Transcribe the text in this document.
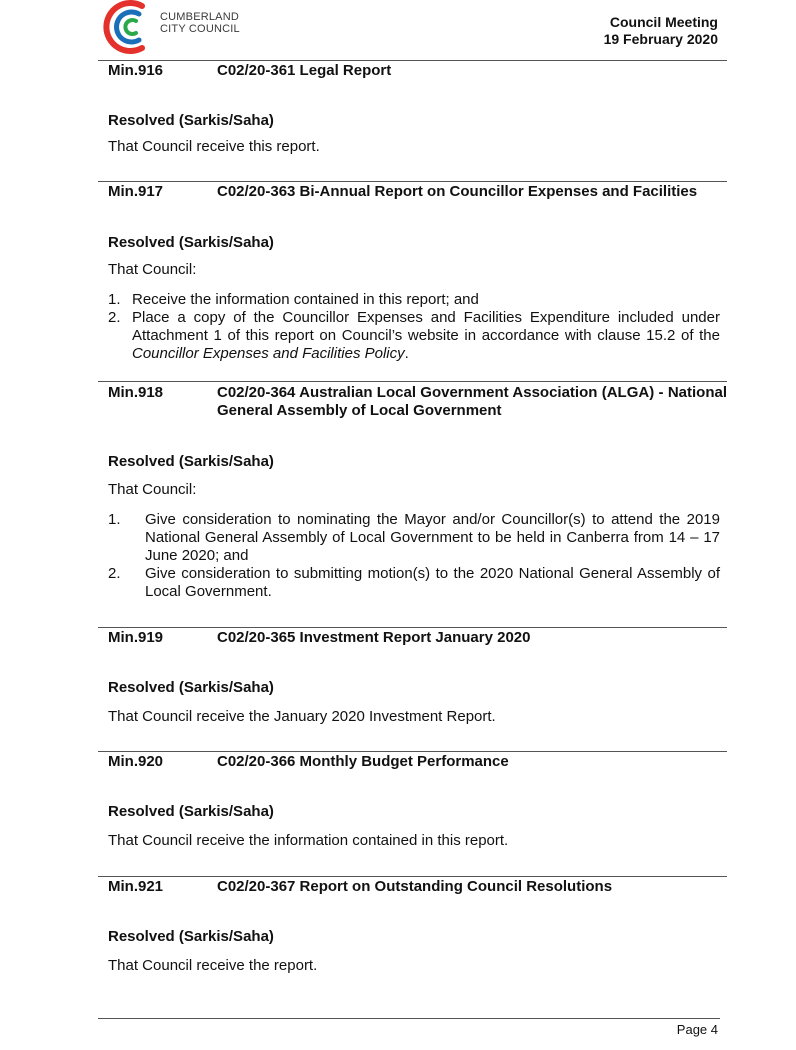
CUMBERLAND
CITY COUNCIL	Council Meeting
19 February 2020
Min.916	C02/20-361 Legal Report
Resolved (Sarkis/Saha)
That Council receive this report.
Min.917	C02/20-363 Bi-Annual Report on Councillor Expenses and Facilities
Resolved (Sarkis/Saha)
That Council:
1. Receive the information contained in this report; and
2. Place a copy of the Councillor Expenses and Facilities Expenditure included under Attachment 1 of this report on Council’s website in accordance with clause 15.2 of the Councillor Expenses and Facilities Policy.
Min.918	C02/20-364 Australian Local Government Association (ALGA) - National General Assembly of Local Government
Resolved (Sarkis/Saha)
That Council:
1.	Give consideration to nominating the Mayor and/or Councillor(s) to attend the 2019 National General Assembly of Local Government to be held in Canberra from 14 – 17 June 2020; and
2.	Give consideration to submitting motion(s) to the 2020 National General Assembly of Local Government.
Min.919	C02/20-365 Investment Report January 2020
Resolved (Sarkis/Saha)
That Council receive the January 2020 Investment Report.
Min.920	C02/20-366 Monthly Budget Performance
Resolved (Sarkis/Saha)
That Council receive the information contained in this report.
Min.921	C02/20-367 Report on Outstanding Council Resolutions
Resolved (Sarkis/Saha)
That Council receive the report.
Page 4
